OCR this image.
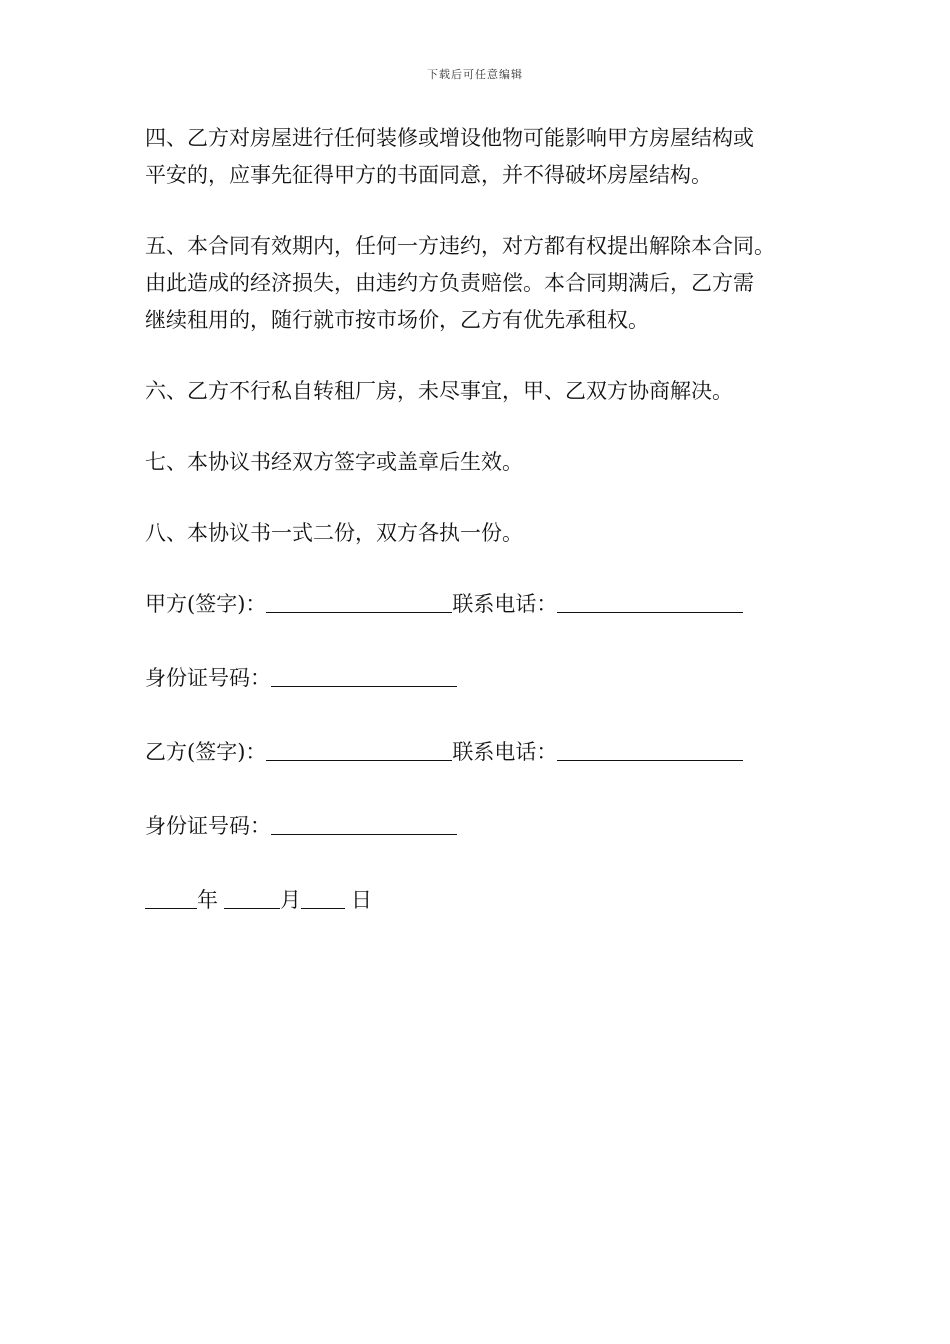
下载后可任意编辑

四、乙方对房屋进行任何装修或增设他物可能影响甲方房屋结构或
平安的，应事先征得甲方的书面同意，并不得破坏房屋结构。

五、本合同有效期内，任何一方违约，对方都有权提出解除本合同。
由此造成的经济损失，由违约方负责赔偿。本合同期满后，乙方需
继续租用的，随行就市按市场价，乙方有优先承租权。

六、乙方不行私自转租厂房，未尽事宜，甲、乙双方协商解决。

七、本协议书经双方签字或盖章后生效。

八、本协议书一式二份，双方各执一份。

甲方(签字)：	联系电话：

身份证号码：

乙方(签字)：	联系电话：

身份证号码：

年	月 日
